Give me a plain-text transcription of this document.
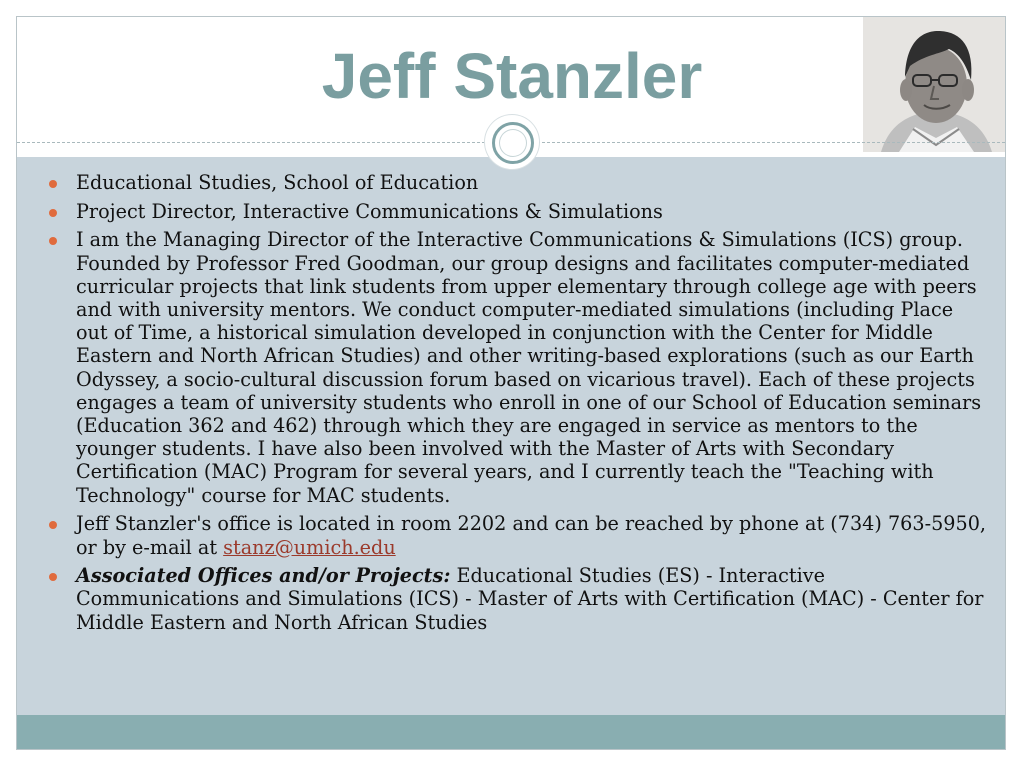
Jeff Stanzler
Educational Studies, School of Education
Project Director, Interactive Communications & Simulations
I am the Managing Director of the Interactive Communications & Simulations (ICS) group. Founded by Professor Fred Goodman, our group designs and facilitates computer-mediated curricular projects that link students from upper elementary through college age with peers and with university mentors. We conduct computer-mediated simulations (including Place out of Time, a historical simulation developed in conjunction with the Center for Middle Eastern and North African Studies) and other writing-based explorations (such as our Earth Odyssey, a socio-cultural discussion forum based on vicarious travel). Each of these projects engages a team of university students who enroll in one of our School of Education seminars (Education 362 and 462) through which they are engaged in service as mentors to the younger students. I have also been involved with the Master of Arts with Secondary Certification (MAC) Program for several years, and I currently teach the "Teaching with Technology" course for MAC students.
Jeff Stanzler's office is located in room 2202 and can be reached by phone at (734) 763-5950, or by e-mail at stanz@umich.edu
Associated Offices and/or Projects: Educational Studies (ES) - Interactive Communications and Simulations (ICS) - Master of Arts with Certification (MAC) - Center for Middle Eastern and North African Studies
